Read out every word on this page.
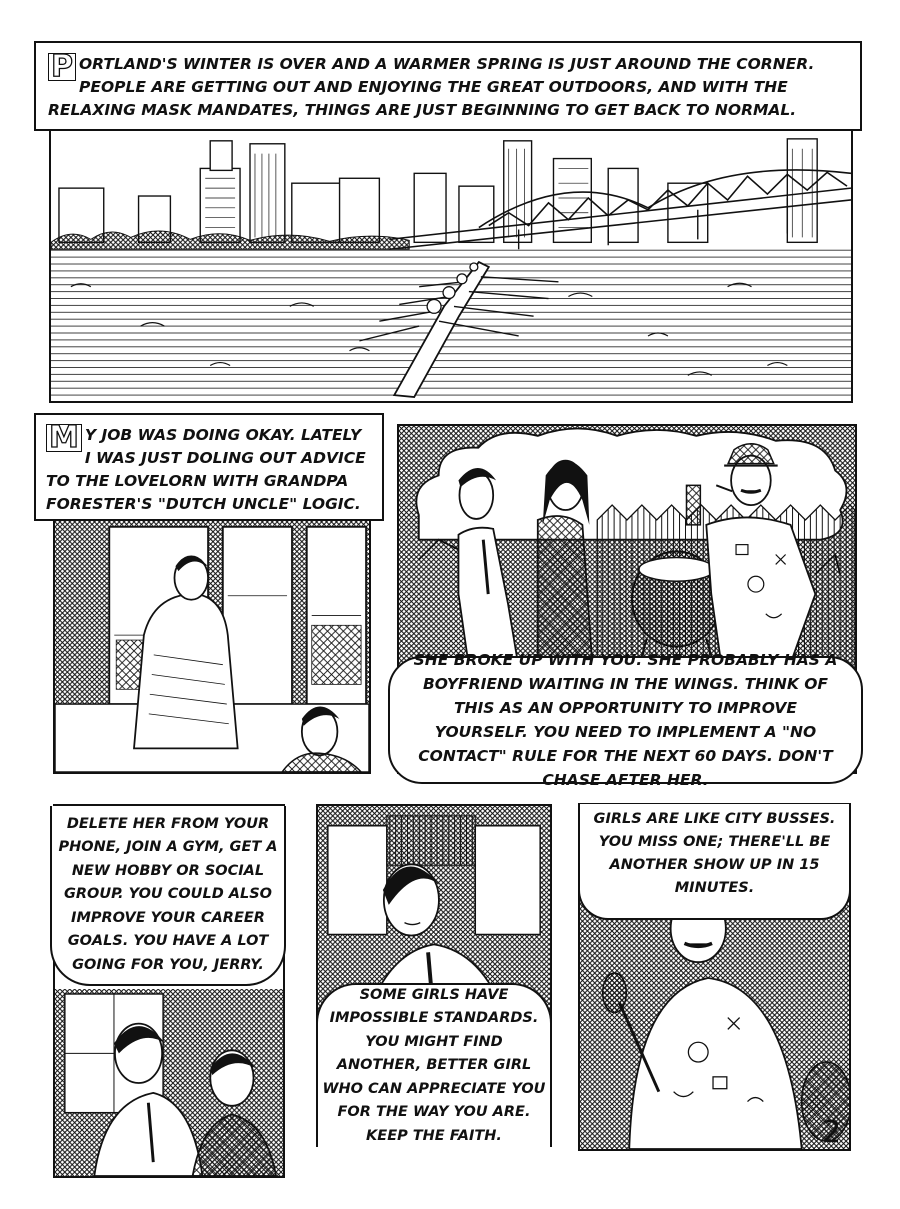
P ORTLAND'S WINTER IS OVER AND A WARMER SPRING IS JUST AROUND THE CORNER. PEOPLE ARE GETTING OUT AND ENJOYING THE GREAT OUTDOORS, AND WITH THE RELAXING MASK MANDATES, THINGS ARE JUST BEGINNING TO GET BACK TO NORMAL.
M Y JOB WAS DOING OKAY. LATELY I WAS JUST DOLING OUT ADVICE TO THE LOVELORN WITH GRANDPA FORESTER'S "DUTCH UNCLE" LOGIC.
SHE BROKE UP WITH YOU. SHE PROBABLY HAS A BOYFRIEND WAITING IN THE WINGS. THINK OF THIS AS AN OPPORTUNITY TO IMPROVE YOURSELF. YOU NEED TO IMPLEMENT A "NO CONTACT" RULE FOR THE NEXT 60 DAYS. DON'T CHASE AFTER HER.
DELETE HER FROM YOUR PHONE, JOIN A GYM, GET A NEW HOBBY OR SOCIAL GROUP. YOU COULD ALSO IMPROVE YOUR CAREER GOALS. YOU HAVE A LOT GOING FOR YOU, JERRY.
SOME GIRLS HAVE IMPOSSIBLE STANDARDS. YOU MIGHT FIND ANOTHER, BETTER GIRL WHO CAN APPRECIATE YOU FOR THE WAY YOU ARE. KEEP THE FAITH.
GIRLS ARE LIKE CITY BUSSES. YOU MISS ONE; THERE'LL BE ANOTHER SHOW UP IN 15 MINUTES.
2
